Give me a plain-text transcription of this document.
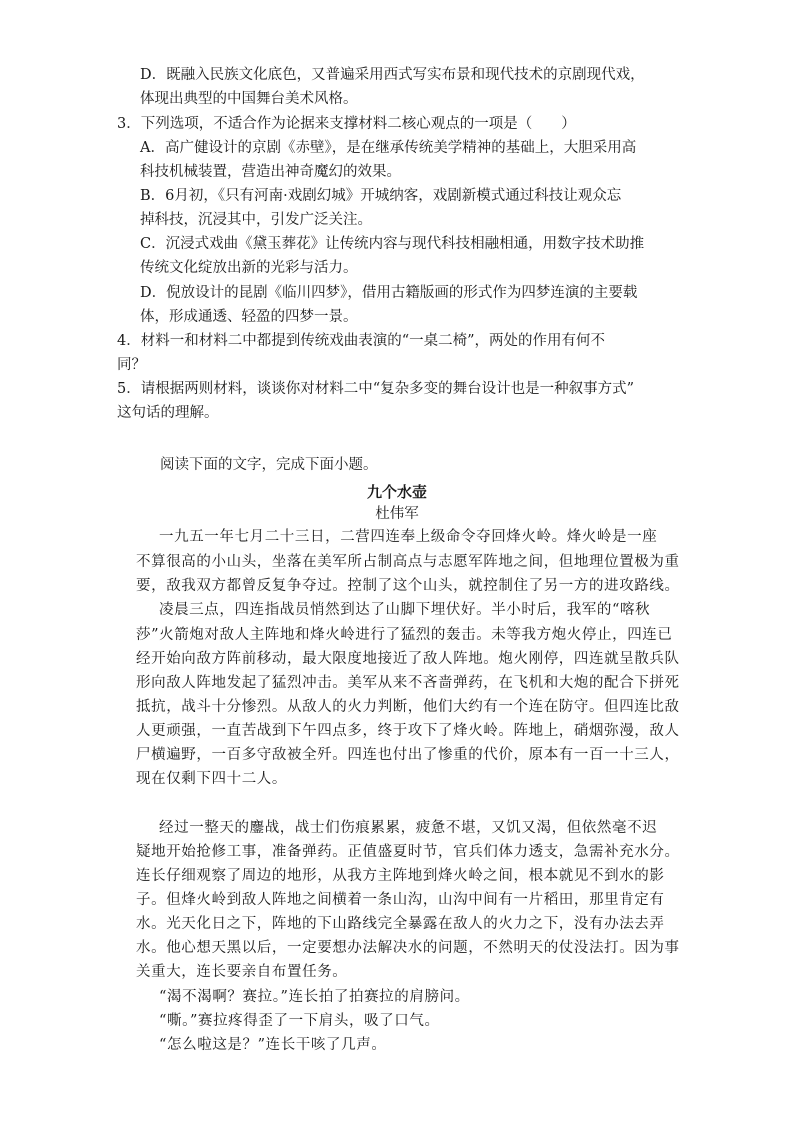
D．既融入民族文化底色，又普遍采用西式写实布景和现代技术的京剧现代戏，
体现出典型的中国舞台美术风格。
3．下列选项，不适合作为论据来支撑材料二核心观点的一项是（　　）
A．高广健设计的京剧《赤壁》，是在继承传统美学精神的基础上，大胆采用高
科技机械装置，营造出神奇魔幻的效果。
B．6月初，《只有河南·戏剧幻城》开城纳客，戏剧新模式通过科技让观众忘
掉科技，沉浸其中，引发广泛关注。
C．沉浸式戏曲《黛玉葬花》让传统内容与现代科技相融相通，用数字技术助推
传统文化绽放出新的光彩与活力。
D．倪放设计的昆剧《临川四梦》，借用古籍版画的形式作为四梦连演的主要载
体，形成通透、轻盈的四梦一景。
4．材料一和材料二中都提到传统戏曲表演的“一桌二椅”，两处的作用有何不
同？
5．请根据两则材料，谈谈你对材料二中“复杂多变的舞台设计也是一种叙事方式”
这句话的理解。
阅读下面的文字，完成下面小题。
九个水壶
杜伟军
一九五一年七月二十三日，二营四连奉上级命令夺回烽火岭。烽火岭是一座
不算很高的小山头，坐落在美军所占制高点与志愿军阵地之间，但地理位置极为重
要，敌我双方都曾反复争夺过。控制了这个山头，就控制住了另一方的进攻路线。
凌晨三点，四连指战员悄然到达了山脚下埋伏好。半小时后，我军的“喀秋
莎”火箭炮对敌人主阵地和烽火岭进行了猛烈的轰击。未等我方炮火停止，四连已
经开始向敌方阵前移动，最大限度地接近了敌人阵地。炮火刚停，四连就呈散兵队
形向敌人阵地发起了猛烈冲击。美军从来不吝啬弹药，在飞机和大炮的配合下拼死
抵抗，战斗十分惨烈。从敌人的火力判断，他们大约有一个连在防守。但四连比敌
人更顽强，一直苦战到下午四点多，终于攻下了烽火岭。阵地上，硝烟弥漫，敌人
尸横遍野，一百多守敌被全歼。四连也付出了惨重的代价，原本有一百一十三人，
现在仅剩下四十二人。
经过一整天的鏖战，战士们伤痕累累，疲惫不堪，又饥又渴，但依然毫不迟
疑地开始抢修工事，准备弹药。正值盛夏时节，官兵们体力透支，急需补充水分。
连长仔细观察了周边的地形，从我方主阵地到烽火岭之间，根本就见不到水的影
子。但烽火岭到敌人阵地之间横着一条山沟，山沟中间有一片稻田，那里肯定有
水。光天化日之下，阵地的下山路线完全暴露在敌人的火力之下，没有办法去弄
水。他心想天黑以后，一定要想办法解决水的问题，不然明天的仗没法打。因为事
关重大，连长要亲自布置任务。
“渴不渴啊？赛拉。”连长拍了拍赛拉的肩膀问。
“嘶。”赛拉疼得歪了一下肩头，吸了口气。
“怎么啦这是？”连长干咳了几声。
